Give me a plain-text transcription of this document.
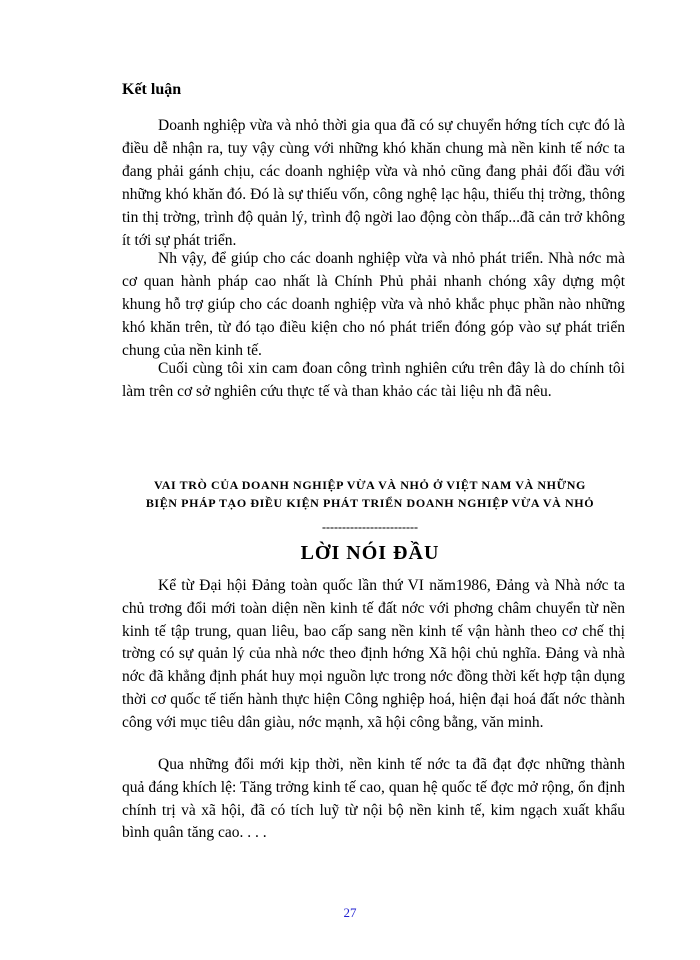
Kết luận

Doanh nghiệp vừa và nhỏ thời gia qua đã có sự chuyển hớng tích cực đó là điều dễ nhận ra, tuy vậy cùng với những khó khăn chung mà nền kinh tế nớc ta đang phải gánh chịu, các doanh nghiệp vừa và nhỏ cũng đang phải đối đầu với những khó khăn đó. Đó là sự thiếu vốn, công nghệ lạc hậu, thiếu thị trờng, thông tin thị trờng, trình độ quản lý, trình độ ngời lao động còn thấp...đã cản trở không ít tới sự phát triển.

Nh vậy, để giúp cho các doanh nghiệp vừa và nhỏ phát triển. Nhà nớc mà cơ quan hành pháp cao nhất là Chính Phủ phải nhanh chóng xây dựng một khung hỗ trợ giúp cho các doanh nghiệp vừa và nhỏ khắc phục phần nào những khó khăn trên, từ đó tạo điều kiện cho nó phát triển đóng góp vào sự phát triển chung của nền kinh tế.

Cuối cùng tôi xin cam đoan công trình nghiên cứu trên đây là do chính tôi làm trên cơ sở nghiên cứu thực tế và than khảo các tài liệu nh đã nêu.

VAI TRÒ CỦA DOANH NGHIỆP VỪA VÀ NHỎ Ở VIỆT NAM VÀ NHỮNG

BIỆN PHÁP TẠO ĐIỀU KIỆN PHÁT TRIỂN DOANH NGHIỆP VỪA VÀ NHỎ

------------------------

LỜI NÓI ĐẦU

Kể từ Đại hội Đảng toàn quốc lần thứ VI năm1986, Đảng và Nhà nớc ta chủ trơng đổi mới toàn diện nền kinh tế đất nớc với phơng châm chuyển từ nền kinh tế tập trung, quan liêu, bao cấp sang nền kinh tế vận hành theo cơ chế thị trờng có sự quản lý của nhà nớc theo định hớng Xã hội chủ nghĩa. Đảng và nhà nớc đã khẳng định phát huy mọi nguồn lực trong nớc đồng thời kết hợp tận dụng thời cơ quốc tế tiến hành thực hiện Công nghiệp hoá, hiện đại hoá đất nớc thành công với mục tiêu dân giàu, nớc mạnh, xã hội công bằng, văn minh.

Qua những đổi mới kịp thời, nền kinh tế nớc ta đã đạt đợc những thành quả đáng khích lệ: Tăng trởng kinh tế cao, quan hệ quốc tế đợc mở rộng, ổn định chính trị và xã hội, đã có tích luỹ từ nội bộ nền kinh tế, kim ngạch xuất khẩu bình quân tăng cao. . . .

27
